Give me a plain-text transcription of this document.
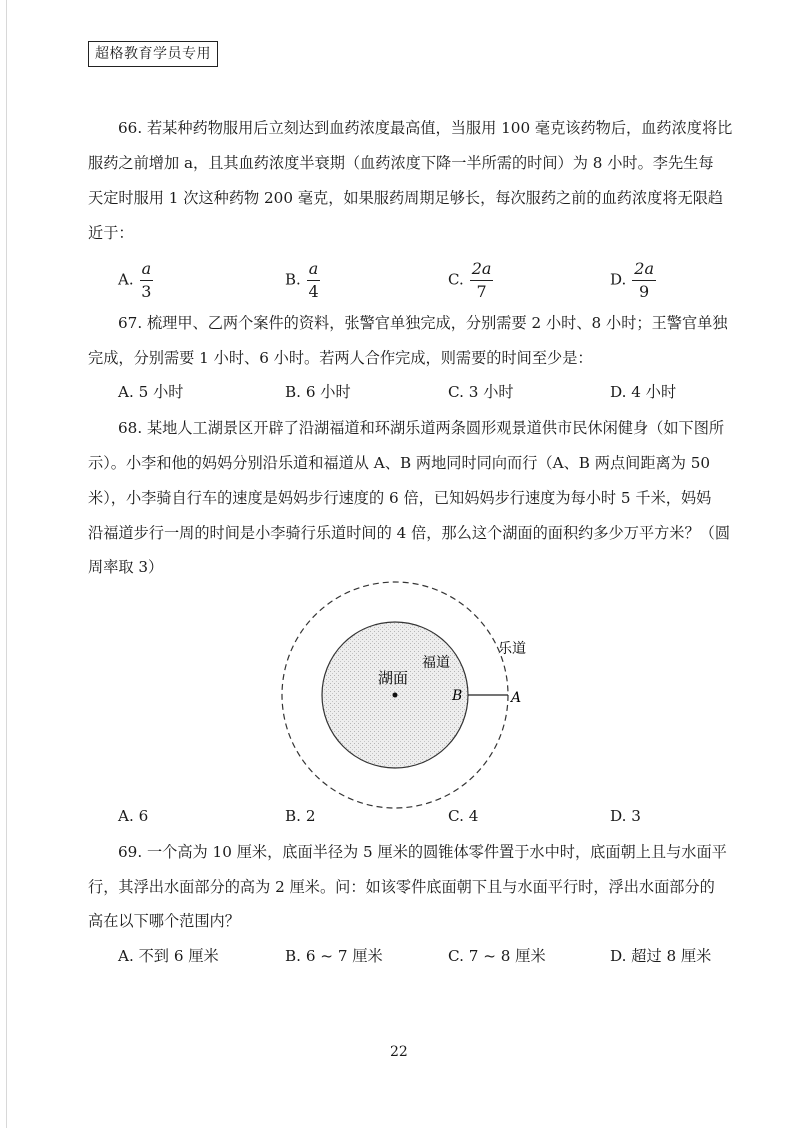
超格教育学员专用
66. 若某种药物服用后立刻达到血药浓度最高值，当服用 100 毫克该药物后，血药浓度将比
服药之前增加 a，且其血药浓度半衰期（血药浓度下降一半所需的时间）为 8 小时。李先生每
天定时服用 1 次这种药物 200 毫克，如果服药周期足够长，每次服药之前的血药浓度将无限趋
近于：
A. $\frac{a}{3}$	B. $\frac{a}{4}$	C. $\frac{2a}{7}$	D. $\frac{2a}{9}$
67. 梳理甲、乙两个案件的资料，张警官单独完成，分别需要 2 小时、8 小时；王警官单独
完成，分别需要 1 小时、6 小时。若两人合作完成，则需要的时间至少是：
A. 5 小时	B. 6 小时	C. 3 小时	D. 4 小时
68. 某地人工湖景区开辟了沿湖福道和环湖乐道两条圆形观景道供市民休闲健身（如下图所
示）。小李和他的妈妈分别沿乐道和福道从 A、B 两地同时同向而行（A、B 两点间距离为 50
米），小李骑自行车的速度是妈妈步行速度的 6 倍，已知妈妈步行速度为每小时 5 千米，妈妈
沿福道步行一周的时间是小李骑行乐道时间的 4 倍，那么这个湖面的面积约多少万平方米？（圆
周率取 3）
湖面
福道
乐道
B	A
A. 6	B. 2	C. 4	D. 3
69. 一个高为 10 厘米，底面半径为 5 厘米的圆锥体零件置于水中时，底面朝上且与水面平
行，其浮出水面部分的高为 2 厘米。问：如该零件底面朝下且与水面平行时，浮出水面部分的
高在以下哪个范围内？
A. 不到 6 厘米	B. 6 ~ 7 厘米	C. 7 ~ 8 厘米	D. 超过 8 厘米
22
